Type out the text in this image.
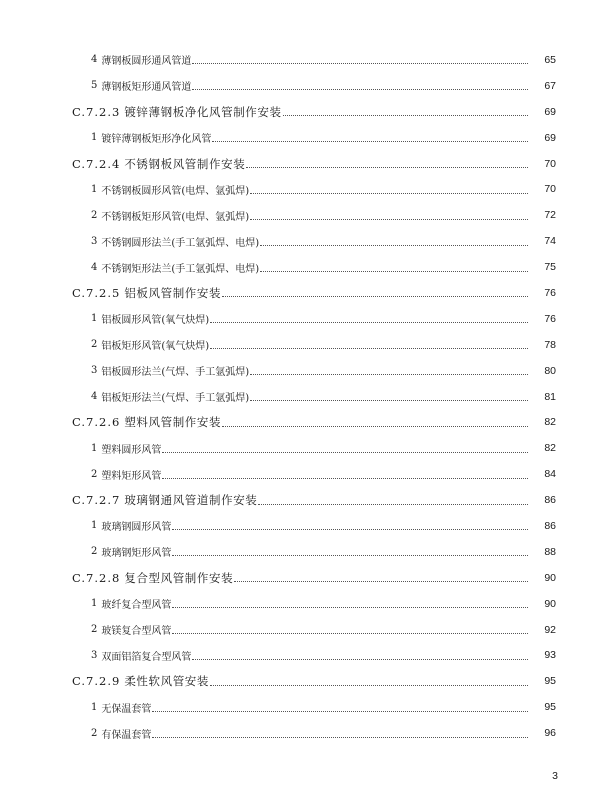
4 薄钢板圆形通风管道	65
5 薄钢板矩形通风管道	67
C.7.2.3 镀锌薄钢板净化风管制作安装	69
1 镀锌薄钢板矩形净化风管	69
C.7.2.4 不锈钢板风管制作安装	70
1 不锈钢板圆形风管(电焊、氩弧焊)	70
2 不锈钢板矩形风管(电焊、氩弧焊)	72
3 不锈钢圆形法兰(手工氩弧焊、电焊)	74
4 不锈钢矩形法兰(手工氩弧焊、电焊)	75
C.7.2.5 铝板风管制作安装	76
1 铝板圆形风管(氧气炔焊)	76
2 铝板矩形风管(氧气炔焊)	78
3 铝板圆形法兰(气焊、手工氩弧焊)	80
4 铝板矩形法兰(气焊、手工氩弧焊)	81
C.7.2.6 塑料风管制作安装	82
1 塑料圆形风管	82
2 塑料矩形风管	84
C.7.2.7 玻璃钢通风管道制作安装	86
1 玻璃钢圆形风管	86
2 玻璃钢矩形风管	88
C.7.2.8 复合型风管制作安装	90
1 玻纤复合型风管	90
2 玻镁复合型风管	92
3 双面铝箔复合型风管	93
C.7.2.9 柔性软风管安装	95
1 无保温套管	95
2 有保温套管	96
3
